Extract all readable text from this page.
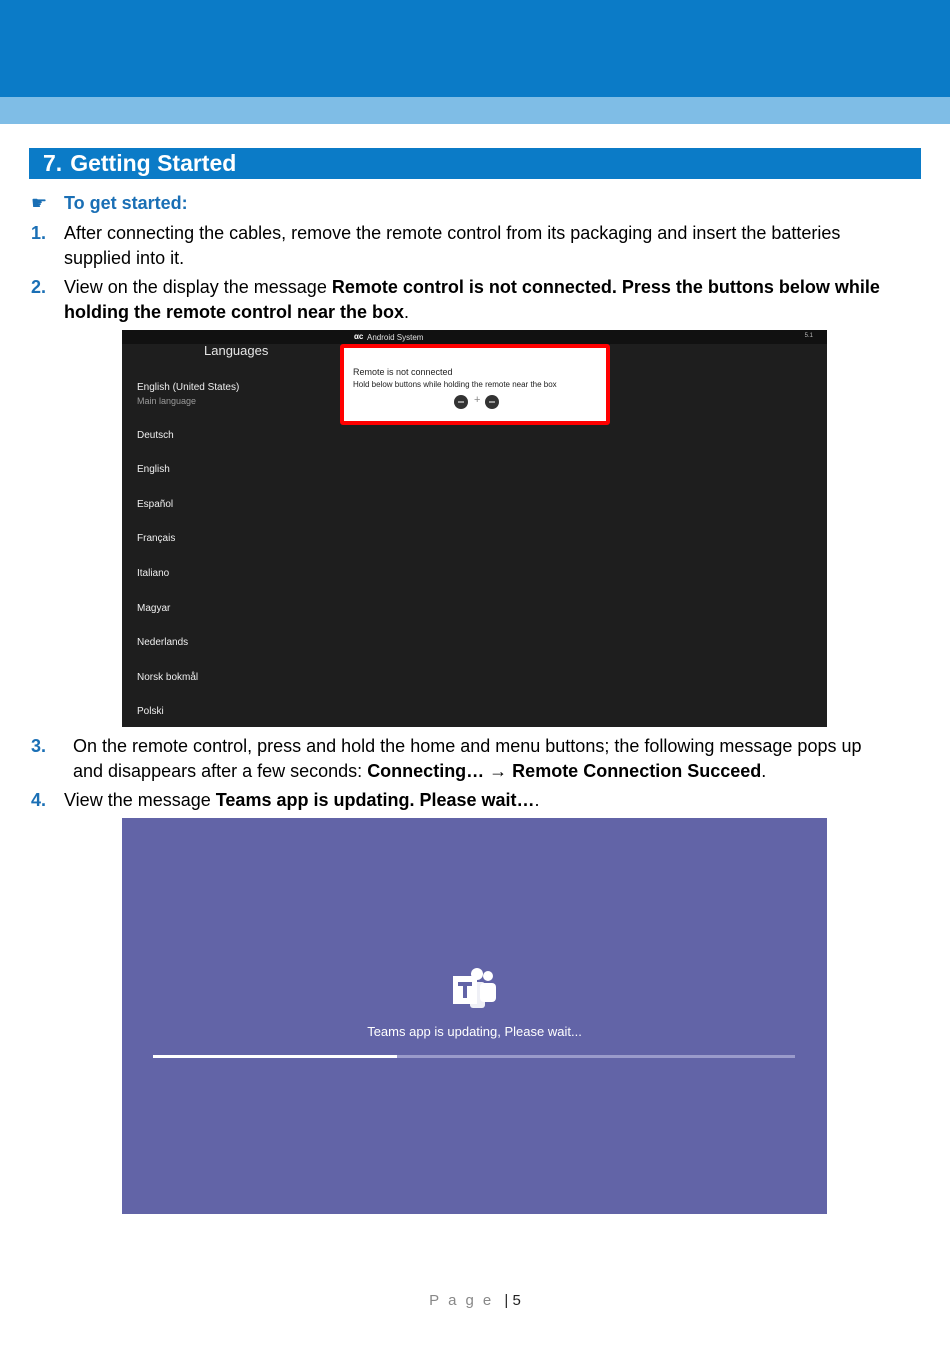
7. Getting Started
☛ To get started:
1. After connecting the cables, remove the remote control from its packaging and insert the batteries
supplied into it.
2. View on the display the message Remote control is not connected. Press the buttons below while
holding the remote control near the box.
αc Android System	5.1
Languages
English (United States)
Main language
Deutsch
English
Español
Français
Italiano
Magyar
Nederlands
Norsk bokmål
Polski
Remote is not connected
Hold below buttons while holding the remote near the box
+
3. On the remote control, press and hold the home and menu buttons; the following message pops up
and disappears after a few seconds: Connecting… → Remote Connection Succeed.
4. View the message Teams app is updating. Please wait….
Teams app is updating, Please wait...
Page | 5
